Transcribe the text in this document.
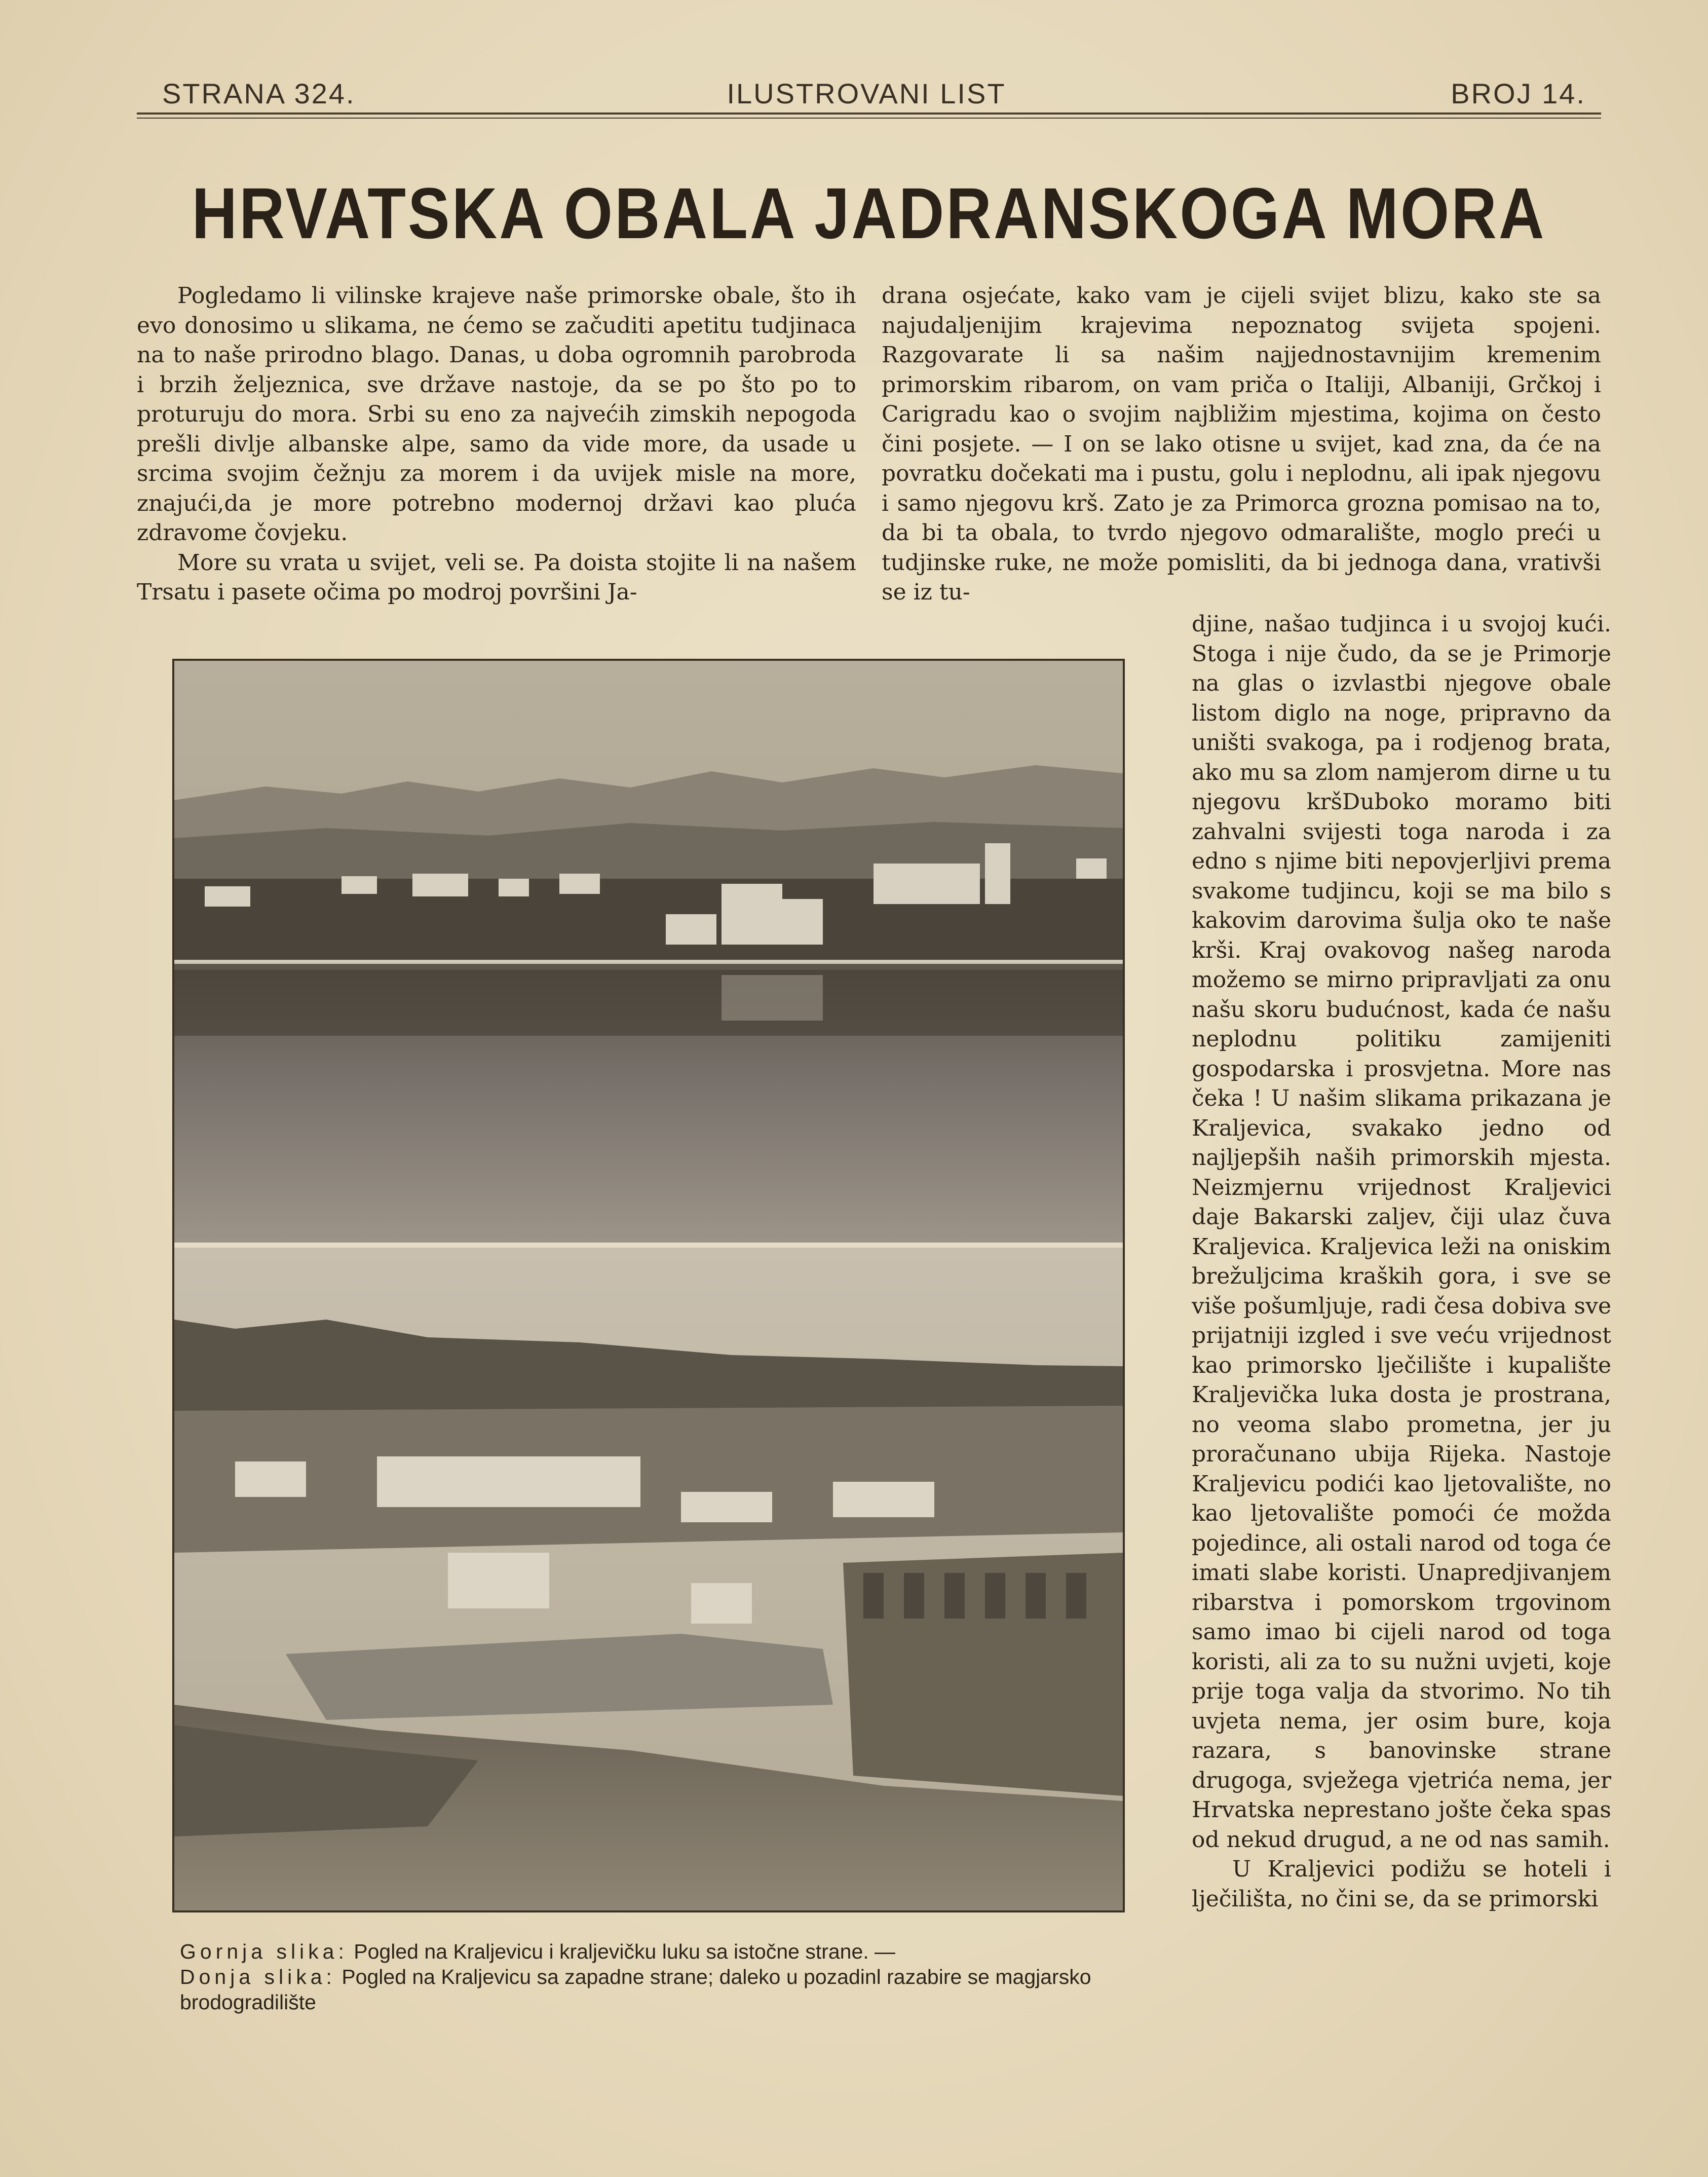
STRANA 324.	ILUSTROVANI LIST	BROJ 14.
HRVATSKA OBALA JADRANSKOGA MORA

Pogledamo li vilinske krajeve naše primorske obale, što ih evo donosimo u slikama, ne ćemo se začuditi apetitu tudjinaca na to naše prirodno blago. Danas, u doba ogromnih parobroda i brzih željeznica, sve države nastoje, da se po što po to proturuju do mora. Srbi su eno za najvećih zimskih nepogoda prešli divlje albanske alpe, samo da vide more, da usade u srcima svojim čežnju za morem i da uvijek misle na more, znajući,da je more potrebno modernoj državi kao pluća zdravome čovjeku.

More su vrata u svijet, veli se. Pa doista stojite li na našem Trsatu i pasete očima po modroj površini Ja-

drana osjećate, kako vam je cijeli svijet blizu, kako ste sa najudaljenijim krajevima nepoznatog svijeta spojeni. Razgovarate li sa našim najjednostavnijim kremenim primorskim ribarom, on vam priča o Italiji, Albaniji, Grčkoj i Carigradu kao o svojim najbližim mjestima, kojima on često čini posjete. — I on se lako otisne u svijet, kad zna, da će na povratku dočekati ma i pustu, golu i neplodnu, ali ipak njegovu i samo njegovu krš. Zato je za Primorca grozna pomisao na to, da bi ta obala, to tvrdo njegovo odmaralište, moglo preći u tudjinske ruke, ne može pomisliti, da bi jednoga dana, vrativši se iz tu-

djine, našao tudjinca i u svojoj kući. Stoga i nije čudo, da se je Primorje na glas o izvlastbi njegove obale listom diglo na noge, pripravno da uništi svakoga, pa i rodjenog brata, ako mu sa zlom namjerom dirne u tu njegovu kršDuboko moramo biti zahvalni svijesti toga naroda i za edno s njime biti nepovjerljivi prema svakome tudjincu, koji se ma bilo s kakovim darovima šulja oko te naše krši. Kraj ovakovog našeg naroda možemo se mirno pripravljati za onu našu skoru budućnost, kada će našu neplodnu politiku zamijeniti gospodarska i prosvjetna. More nas čeka ! U našim slikama prikazana je Kraljevica, svakako jedno od najljepših naših primorskih mjesta. Neizmjernu vrijednost Kraljevici daje Bakarski zaljev, čiji ulaz čuva Kraljevica. Kraljevica leži na oniskim brežuljcima kraških gora, i sve se više pošumljuje, radi česa dobiva sve prijatniji izgled i sve veću vrijednost kao primorsko lječilište i kupalište Kraljevička luka dosta je prostrana, no veoma slabo prometna, jer ju proračunano ubija Rijeka. Nastoje Kraljevicu podići kao ljetovalište, no kao ljetovalište pomoći će možda pojedince, ali ostali narod od toga će imati slabe koristi. Unapredjivanjem ribarstva i pomorskom trgovinom samo imao bi cijeli narod od toga koristi, ali za to su nužni uvjeti, koje prije toga valja da stvorimo. No tih uvjeta nema, jer osim bure, koja razara, s banovinske strane drugoga, svježega vjetrića nema, jer Hrvatska neprestano jošte čeka spas od nekud drugud, a ne od nas samih.

U Kraljevici podižu se hoteli i lječilišta, no čini se, da se primorski

Gornja slika: Pogled na Kraljevicu i kraljevičku luku sa istočne strane. —

Donja slika: Pogled na Kraljevicu sa zapadne strane; daleko u pozadinl razabire se magjarsko brodogradilište
